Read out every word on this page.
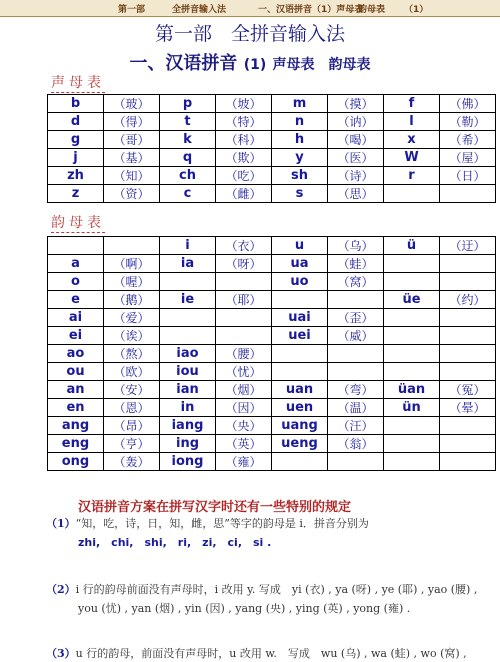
第一部	全拼音输入法	一、汉语拼音（1）声母表
韵母表 （1）
第一部　全拼音输入法
一、汉语拼音 (1) 声母表　韵母表
声母表
b	（玻）	p	（坡）	m	（摸）	f	（佛）
d	（得）	t	（特）	n	（讷）	l	（勒）
g	（哥）	k	（科）	h	（喝）	x	（希）
j	（基）	q	（欺）	y	（医）	W	（屋）
zh	（知）	ch	（吃）	sh	（诗）	r	（日）
z	（资）	c	（雌）	s	（思）		
韵母表
		i	（衣）	u	（乌）	ü	（迂）
a	（啊）	ia	（呀）	ua	（蛙）		
o	（喔）			uo	（窝）		
e	（鹅）	ie	（耶）			üe	（约）
ai	（爱）			uai	（歪）		
ei	（诶）			uei	（威）		
ao	（熬）	iao	（腰）				
ou	（欧）	iou	（忧）				
an	（安）	ian	（烟）	uan	（弯）	üan	（冤）
en	（恩）	in	（因）	uen	（温）	ün	（晕）
ang	（昂）	iang	（央）	uang	（汪）		
eng	（亨）	ing	（英）	ueng	（翁）		
ong	（轰）	iong	（雍）				
汉语拼音方案在拼写汉字时还有一些特别的规定
（1）“知，吃，诗，日，知，雌，思”等字的韵母是 i．拼音分别为
zhi,　chi,　shi,　ri,　zi,　ci,　si .
（2）i 行的韵母前面没有声母时，i 改用 y. 写成　yi (衣) , ya (呀) , ye (耶) , yao (腰) ,
you (忧) , yan (烟) , yin (因) , yang (央) , ying (英) , yong (雍) .
（3）u 行的韵母，前面没有声母时，u 改用 w.　写成　wu (乌) , wa (蛙) , wo (窝) ,
